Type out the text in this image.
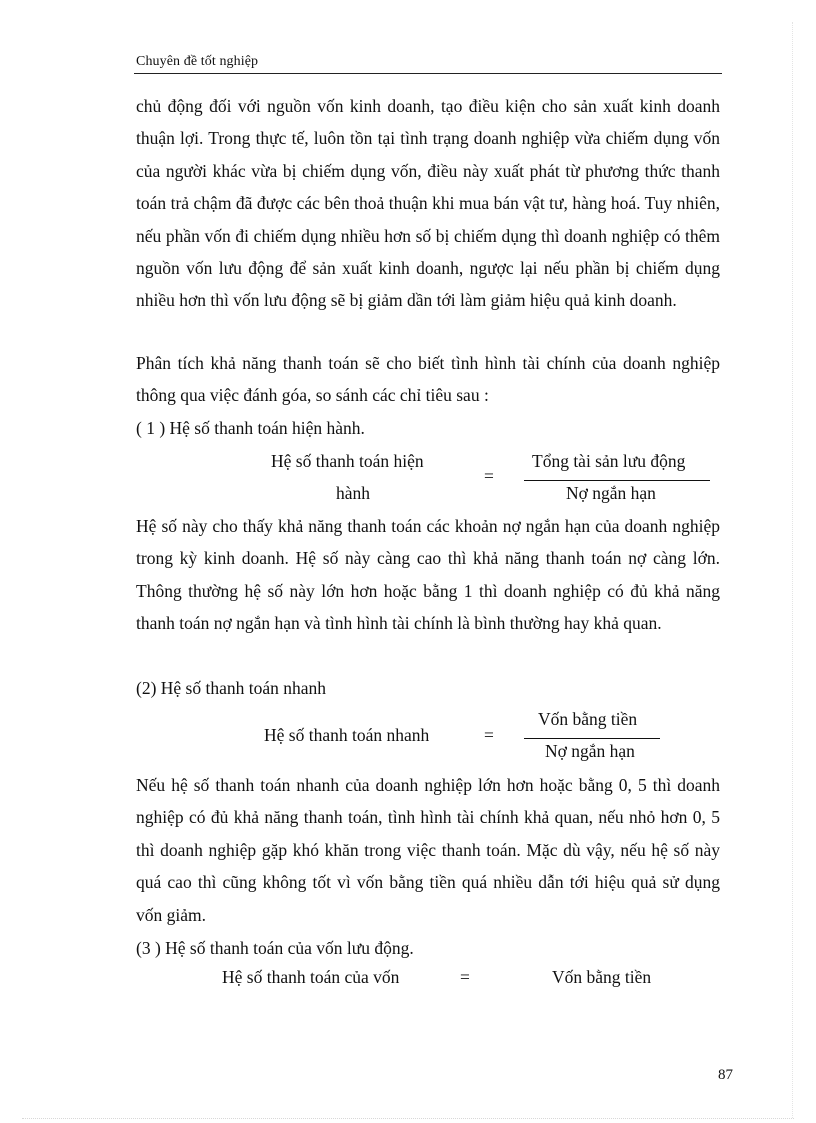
Chuyên đề tốt nghiệp

chủ động đối với nguồn vốn kinh doanh, tạo điều kiện cho sản xuất kinh doanh thuận lợi. Trong thực tế, luôn tồn tại tình trạng doanh nghiệp vừa chiếm dụng vốn của người khác vừa bị chiếm dụng vốn, điều này xuất phát từ phương thức thanh toán trả chậm đã được các bên thoả thuận khi mua bán vật tư, hàng hoá. Tuy nhiên, nếu phần vốn đi chiếm dụng nhiều hơn số bị chiếm dụng thì doanh nghiệp có thêm nguồn vốn lưu động để sản xuất kinh doanh, ngược lại nếu phần bị chiếm dụng nhiều hơn thì vốn lưu động sẽ bị giảm dần tới làm giảm hiệu quả kinh doanh.

Phân tích khả năng thanh toán sẽ cho biết tình hình tài chính của doanh nghiệp thông qua việc đánh góa, so sánh các chỉ tiêu sau :

( 1 ) Hệ số thanh toán hiện hành.

Hệ số thanh toán hiện
hành
=
Tổng tài sản lưu động
Nợ ngắn hạn

Hệ số này cho thấy khả năng thanh toán các khoản nợ ngắn hạn của doanh nghiệp trong kỳ kinh doanh. Hệ số này càng cao thì khả năng thanh toán nợ càng lớn. Thông thường hệ số này lớn hơn hoặc bằng 1 thì doanh nghiệp có đủ khả năng thanh toán nợ ngắn hạn và tình hình tài chính là bình thường hay khả quan.

(2) Hệ số thanh toán nhanh

Hệ số thanh toán nhanh	=
Vốn bằng tiền
Nợ ngắn hạn

Nếu hệ số thanh toán nhanh của doanh nghiệp lớn hơn hoặc bằng 0, 5 thì doanh nghiệp có đủ khả năng thanh toán, tình hình tài chính khả quan, nếu nhỏ hơn 0, 5 thì doanh nghiệp gặp khó khăn trong việc thanh toán. Mặc dù vậy, nếu hệ số này quá cao thì cũng không tốt vì vốn bằng tiền quá nhiều dẫn tới hiệu quả sử dụng vốn giảm.

(3 ) Hệ số thanh toán của vốn lưu động.

Hệ số thanh toán của vốn	=	Vốn bằng tiền
87
